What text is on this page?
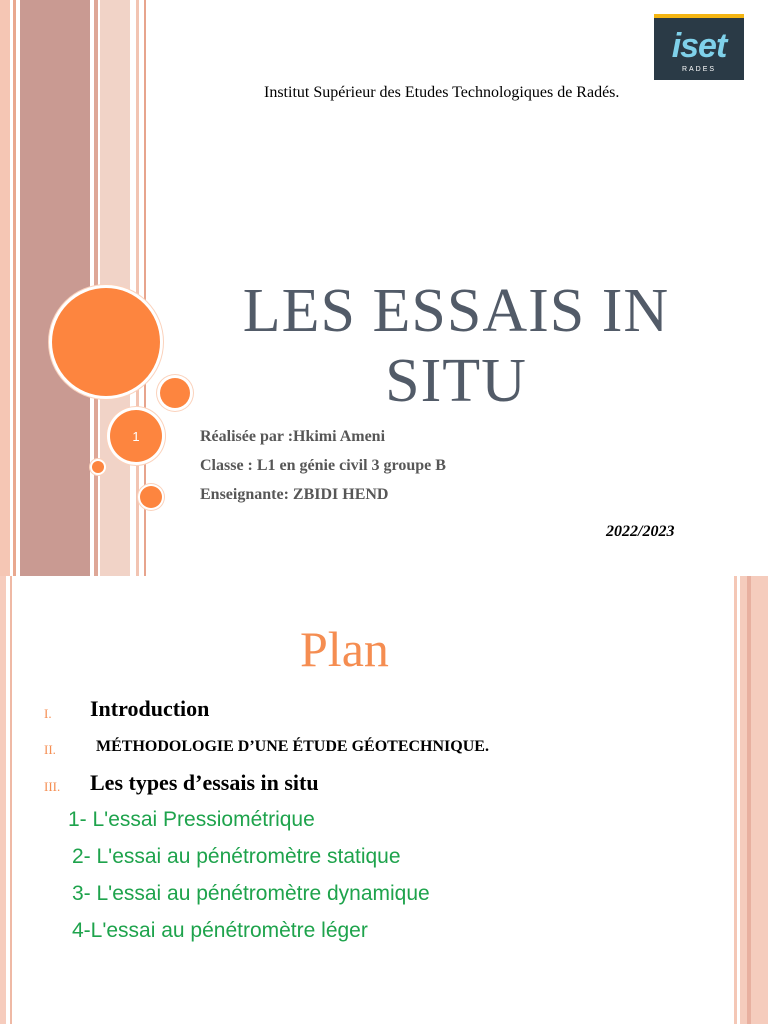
1
iset
RADES
Institut Supérieur des Etudes Technologiques de Radés.
LES ESSAIS IN
SITU
Réalisée par :Hkimi Ameni
Classe : L1 en génie civil 3 groupe B
Enseignante: ZBIDI HEND
2022/2023
Plan
I. Introduction
II.	MÉTHODOLOGIE D’UNE ÉTUDE GÉOTECHNIQUE.
III. Les types d’essais in situ
1- L'essai Pressiométrique
2- L'essai au pénétromètre statique
3- L'essai au pénétromètre dynamique
4-L'essai au pénétromètre léger
